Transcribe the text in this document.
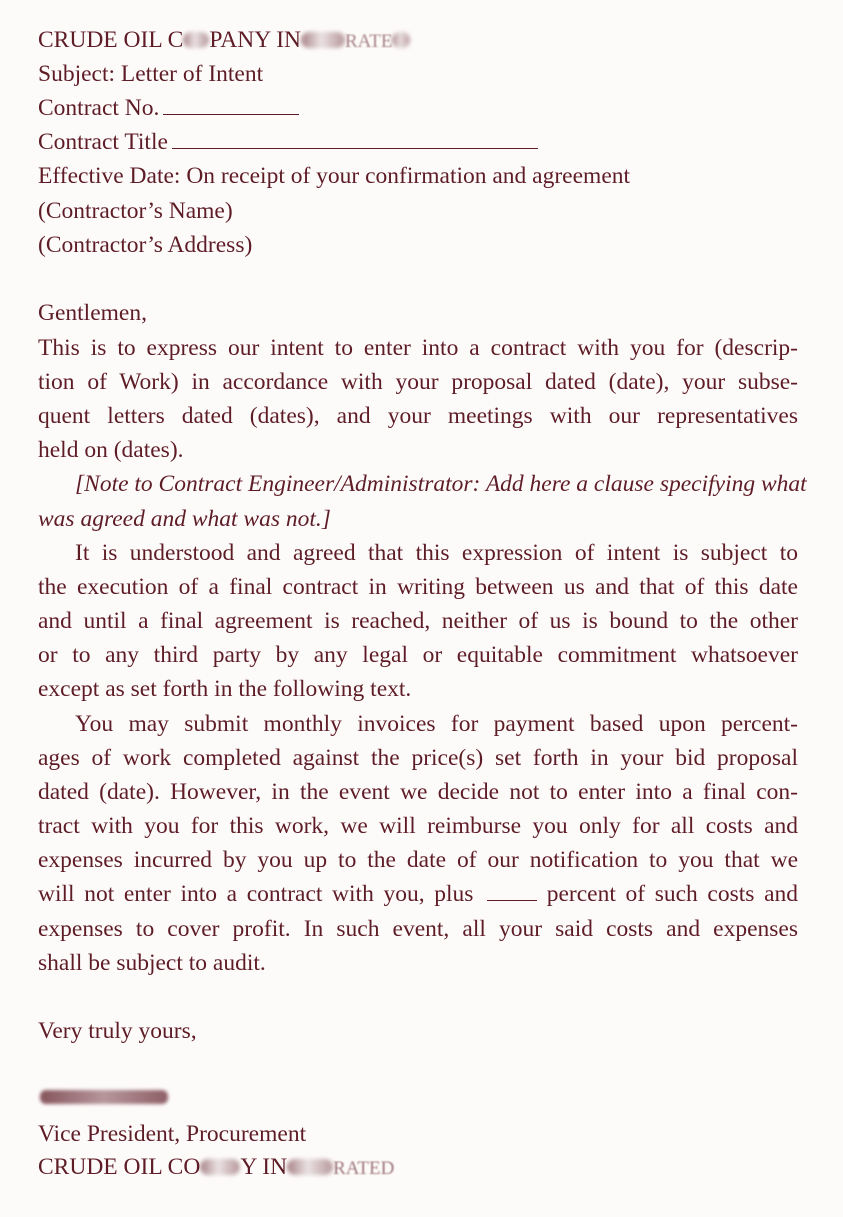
CRUDE OIL C PANY IN RATE
Subject: Letter of Intent
Contract No.
Contract Title
Effective Date: On receipt of your confirmation and agreement
(Contractor’s Name)
(Contractor’s Address)
Gentlemen,
This is to express our intent to enter into a contract with you for (descrip-
tion of Work) in accordance with your proposal dated (date), your subse-
quent letters dated (dates), and your meetings with our representatives
held on (dates).
[Note to Contract Engineer/Administrator: Add here a clause specifying what
was agreed and what was not.]
It is understood and agreed that this expression of intent is subject to
the execution of a final contract in writing between us and that of this date
and until a final agreement is reached, neither of us is bound to the other
or to any third party by any legal or equitable commitment whatsoever
except as set forth in the following text.
You may submit monthly invoices for payment based upon percent-
ages of work completed against the price(s) set forth in your bid proposal
dated (date). However, in the event we decide not to enter into a final con-
tract with you for this work, we will reimburse you only for all costs and
expenses incurred by you up to the date of our notification to you that we
will not enter into a contract with you, plus	percent of such costs and
expenses to cover profit. In such event, all your said costs and expenses
shall be subject to audit.
Very truly yours,
Vice President, Procurement
CRUDE OIL CO Y IN RATED
